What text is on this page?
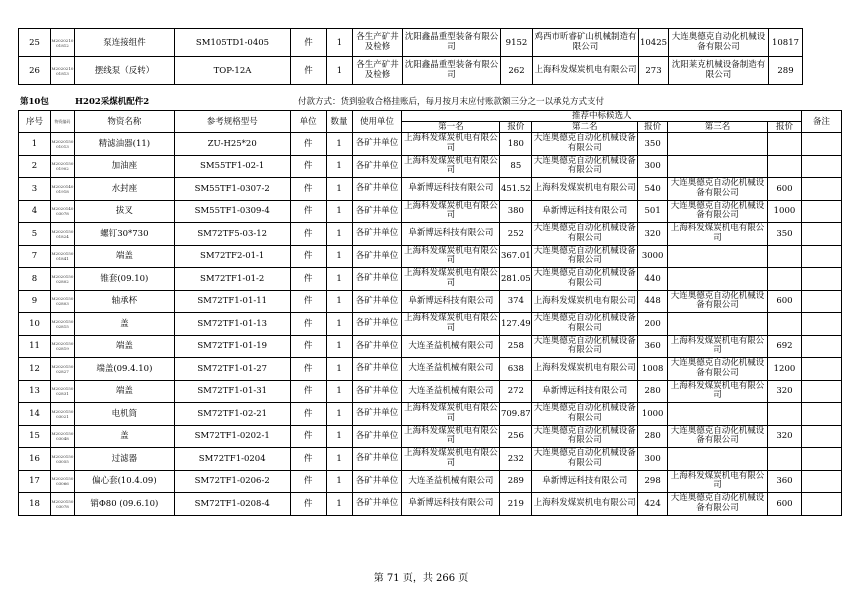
25	M2020210 01812	泵连接组件	SM105TD1-0405	件	1	各生产矿井及检修	沈阳鑫晶重型装备有限公司	9152	鸡西市昕睿矿山机械制造有限公司	10425	大连奥德克自动化机械设备有限公司	10817
26	M2020210 01813	摆线泵（反转）	TOP-12A	件	1	各生产矿井及检修	沈阳鑫晶重型装备有限公司	262	上海科发煤炭机电有限公司	273	沈阳莱克机械设备制造有限公司	289
第10包	H202采煤机配件2	付款方式：货到验收合格挂账后，每月按月末应付账款额三分之一以承兑方式支付
序号	物资编码	物资名称	参考规格型号	单位	数量	使用单位	推荐中标候选人						备注
							第一名	报价	第二名	报价	第三名	报价	
1	M2020150 01013	精滤油器(11)	ZU-H25*20	件	1	各矿井单位	上海科发煤炭机电有限公司	180	大连奥德克自动化机械设备有限公司	350			
2	M2020150 01902	加油座	SM55TF1-02-1	件	1	各矿井单位	上海科发煤炭机电有限公司	85	大连奥德克自动化机械设备有限公司	300			
3	M2020140 01918	水封座	SM55TF1-0307-2	件	1	各矿井单位	阜新博远科技有限公司	451.52	上海科发煤炭机电有限公司	540	大连奥德克自动化机械设备有限公司	600	
4	M2020140 03078	拔叉	SM55TF1-0309-4	件	1	各矿井单位	上海科发煤炭机电有限公司	380	阜新博远科技有限公司	501	大连奥德克自动化机械设备有限公司	1000	
5	M2020150 01824	螺钉30*730	SM72TF5-03-12	件	1	各矿井单位	阜新博远科技有限公司	252	大连奥德克自动化机械设备有限公司	320	上海科发煤炭机电有限公司	350	
7	M2020150 01841	端盖	SM72TF2-01-1	件	1	各矿井单位	上海科发煤炭机电有限公司	367.01	大连奥德克自动化机械设备有限公司	3000			
8	M2020150 02802	锥套(09.10)	SM72TF1-01-2	件	1	各矿井单位	上海科发煤炭机电有限公司	281.05	大连奥德克自动化机械设备有限公司	440			
9	M2020150 02803	轴承杯	SM72TF1-01-11	件	1	各矿井单位	阜新博远科技有限公司	374	上海科发煤炭机电有限公司	448	大连奥德克自动化机械设备有限公司	600	
10	M2020150 02815	盖	SM72TF1-01-13	件	1	各矿井单位	上海科发煤炭机电有限公司	127.49	大连奥德克自动化机械设备有限公司	200			
11	M2020150 02819	端盖	SM72TF1-01-19	件	1	各矿井单位	大连圣益机械有限公司	258	大连奥德克自动化机械设备有限公司	360	上海科发煤炭机电有限公司	692	
12	M2020150 02827	端盖(09.4.10)	SM72TF1-01-27	件	1	各矿井单位	大连圣益机械有限公司	638	上海科发煤炭机电有限公司	1008	大连奥德克自动化机械设备有限公司	1200	
13	M2020150 02831	端盖	SM72TF1-01-31	件	1	各矿井单位	大连圣益机械有限公司	272	阜新博远科技有限公司	280	上海科发煤炭机电有限公司	320	
14	M2020150 03021	电机筒	SM72TF1-02-21	件	1	各矿井单位	上海科发煤炭机电有限公司	709.87	大连奥德克自动化机械设备有限公司	1000			
15	M2020150 03048	盖	SM72TF1-0202-1	件	1	各矿井单位	上海科发煤炭机电有限公司	256	大连奥德克自动化机械设备有限公司	280	大连奥德克自动化机械设备有限公司	320	
16	M2020150 03055	过滤器	SM72TF1-0204	件	1	各矿井单位	上海科发煤炭机电有限公司	232	大连奥德克自动化机械设备有限公司	300			
17	M2020150 03066	偏心套(10.4.09)	SM72TF1-0206-2	件	1	各矿井单位	大连圣益机械有限公司	289	阜新博远科技有限公司	298	上海科发煤炭机电有限公司	360	
18	M2020150 03078	销Φ80 (09.6.10)	SM72TF1-0208-4	件	1	各矿井单位	阜新博远科技有限公司	219	上海科发煤炭机电有限公司	424	大连奥德克自动化机械设备有限公司	600	
第 71 页，共 266 页
